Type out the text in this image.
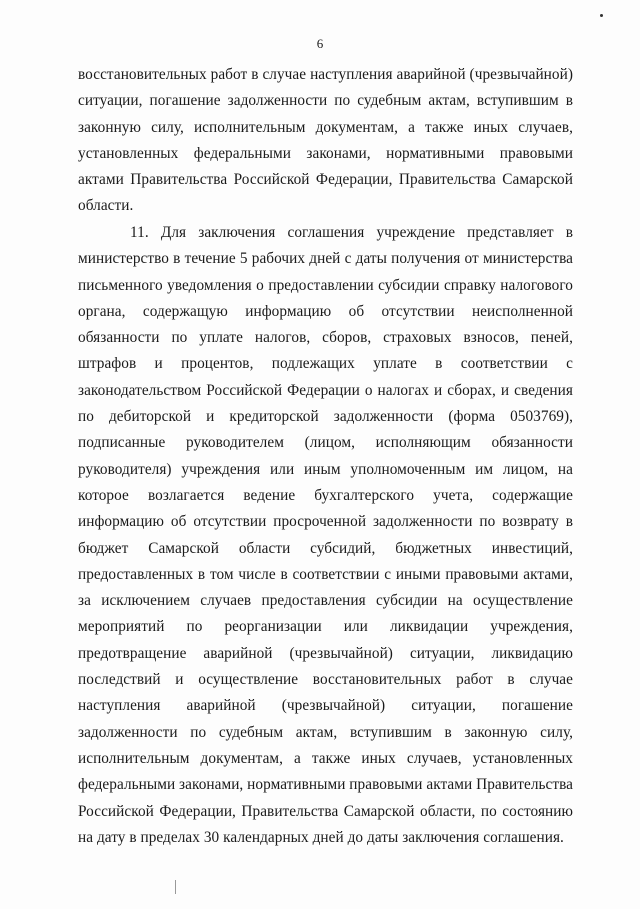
6
восстановительных работ в случае наступления аварийной (чрезвычайной)
ситуации, погашение задолженности по судебным актам, вступившим в
законную силу, исполнительным документам, а также иных случаев,
установленных федеральными законами, нормативными правовыми
актами Правительства Российской Федерации, Правительства Самарской
области.
11. Для заключения соглашения учреждение представляет в
министерство в течение 5 рабочих дней с даты получения от министерства
письменного уведомления о предоставлении субсидии справку налогового
органа, содержащую информацию об отсутствии неисполненной
обязанности по уплате налогов, сборов, страховых взносов, пеней,
штрафов и процентов, подлежащих уплате в соответствии с
законодательством Российской Федерации о налогах и сборах, и сведения
по дебиторской и кредиторской задолженности (форма 0503769),
подписанные руководителем (лицом, исполняющим обязанности
руководителя) учреждения или иным уполномоченным им лицом, на
которое возлагается ведение бухгалтерского учета, содержащие
информацию об отсутствии просроченной задолженности по возврату в
бюджет Самарской области субсидий, бюджетных инвестиций,
предоставленных в том числе в соответствии с иными правовыми актами,
за исключением случаев предоставления субсидии на осуществление
мероприятий по реорганизации или ликвидации учреждения,
предотвращение аварийной (чрезвычайной) ситуации, ликвидацию
последствий и осуществление восстановительных работ в случае
наступления аварийной (чрезвычайной) ситуации, погашение
задолженности по судебным актам, вступившим в законную силу,
исполнительным документам, а также иных случаев, установленных
федеральными законами, нормативными правовыми актами Правительства
Российской Федерации, Правительства Самарской области, по состоянию
на дату в пределах 30 календарных дней до даты заключения соглашения.
